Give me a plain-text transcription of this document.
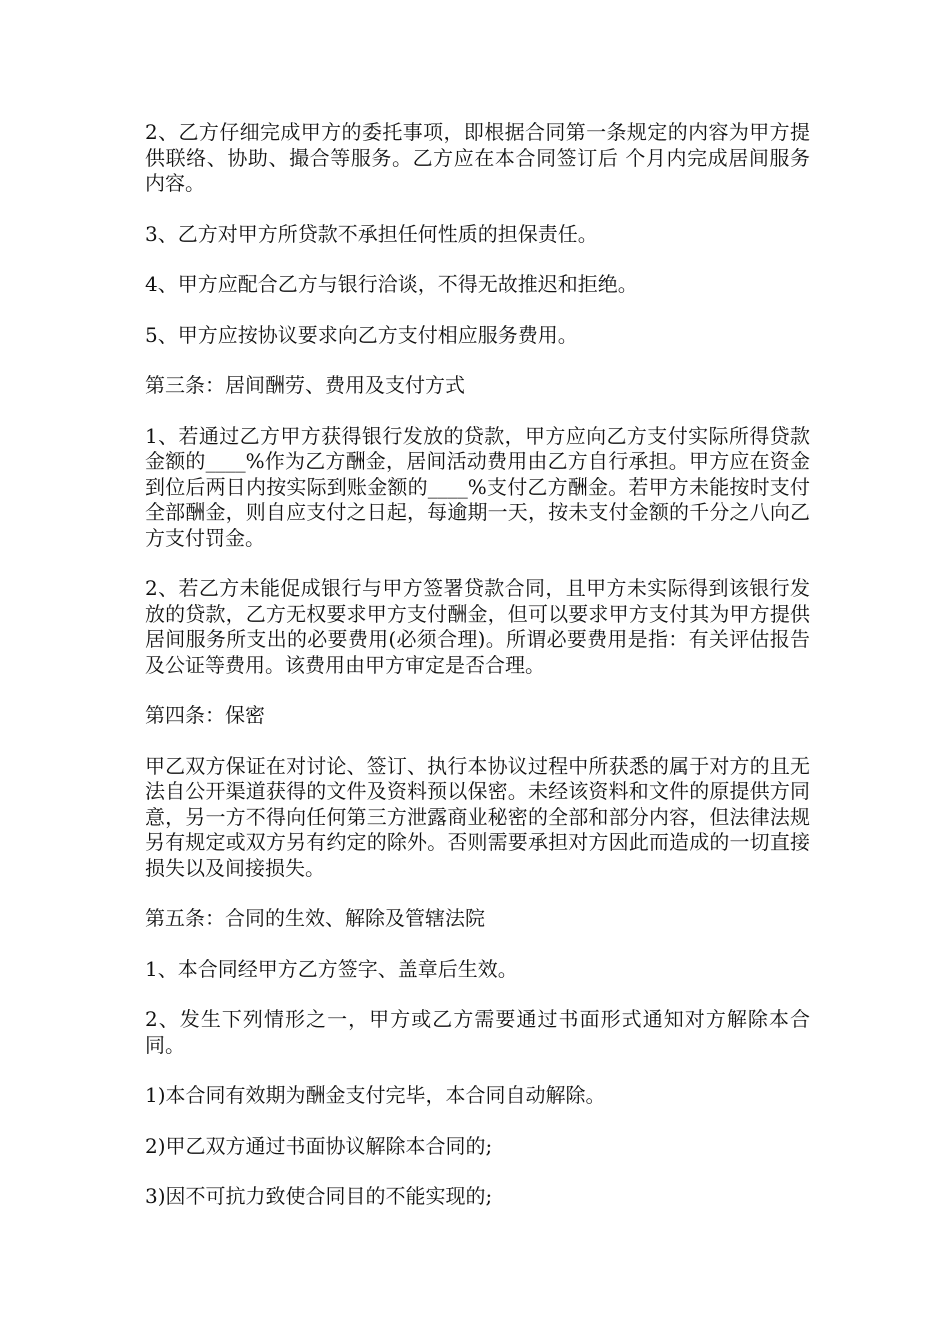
2、乙方仔细完成甲方的委托事项，即根据合同第一条规定的内容为甲方提供联络、协助、撮合等服务。乙方应在本合同签订后 个月内完成居间服务内容。

3、乙方对甲方所贷款不承担任何性质的担保责任。

4、甲方应配合乙方与银行洽谈，不得无故推迟和拒绝。

5、甲方应按协议要求向乙方支付相应服务费用。

第三条：居间酬劳、费用及支付方式

1、若通过乙方甲方获得银行发放的贷款，甲方应向乙方支付实际所得贷款金额的____%作为乙方酬金，居间活动费用由乙方自行承担。甲方应在资金到位后两日内按实际到账金额的____%支付乙方酬金。若甲方未能按时支付全部酬金，则自应支付之日起，每逾期一天，按未支付金额的千分之八向乙方支付罚金。

2、若乙方未能促成银行与甲方签署贷款合同，且甲方未实际得到该银行发放的贷款，乙方无权要求甲方支付酬金，但可以要求甲方支付其为甲方提供居间服务所支出的必要费用(必须合理)。所谓必要费用是指：有关评估报告及公证等费用。该费用由甲方审定是否合理。

第四条：保密

甲乙双方保证在对讨论、签订、执行本协议过程中所获悉的属于对方的且无法自公开渠道获得的文件及资料预以保密。未经该资料和文件的原提供方同意，另一方不得向任何第三方泄露商业秘密的全部和部分内容，但法律法规另有规定或双方另有约定的除外。否则需要承担对方因此而造成的一切直接损失以及间接损失。

第五条：合同的生效、解除及管辖法院

1、本合同经甲方乙方签字、盖章后生效。

2、发生下列情形之一，甲方或乙方需要通过书面形式通知对方解除本合同。

1)本合同有效期为酬金支付完毕，本合同自动解除。

2)甲乙双方通过书面协议解除本合同的;

3)因不可抗力致使合同目的不能实现的;
